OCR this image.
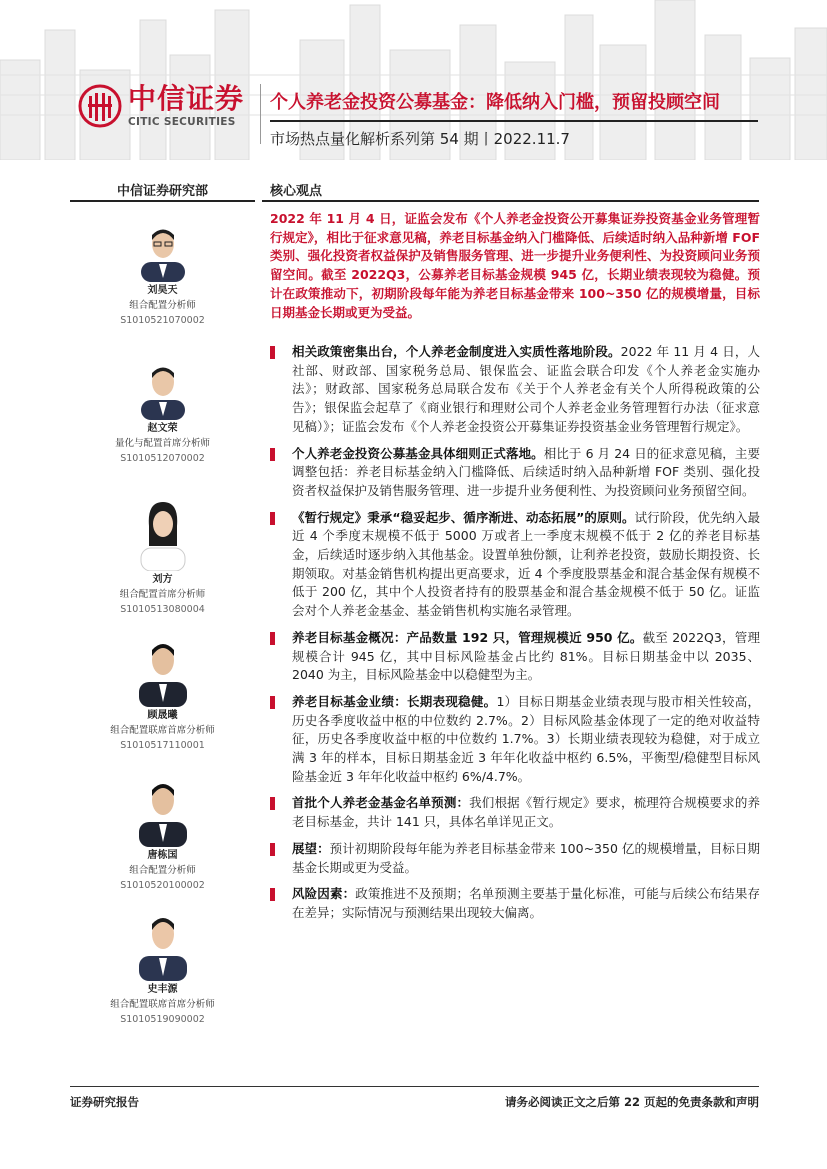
中信证券
CITIC SECURITIES
个人养老金投资公募基金：降低纳入门槛，预留投顾空间
市场热点量化解析系列第 54 期丨2022.11.7
中信证券研究部	核心观点
刘昊天
组合配置分析师
S1010521070002
赵文荣
量化与配置首席分析师
S1010512070002
刘方
组合配置首席分析师
S1010513080004
顾晟曦
组合配置联席首席分析师
S1010517110001
唐栋国
组合配置分析师
S1010520100002
史丰源
组合配置联席首席分析师
S1010519090002
2022 年 11 月 4 日，证监会发布《个人养老金投资公开募集证券投资基金业务管理暂行规定》，相比于征求意见稿，养老目标基金纳入门槛降低、后续适时纳入品种新增 FOF 类别、强化投资者权益保护及销售服务管理、进一步提升业务便利性、为投资顾问业务预留空间。截至 2022Q3，公募养老目标基金规模 945 亿，长期业绩表现较为稳健。预计在政策推动下，初期阶段每年能为养老目标基金带来 100~350 亿的规模增量，目标日期基金长期或更为受益。
相关政策密集出台，个人养老金制度进入实质性落地阶段。2022 年 11 月 4 日，人社部、财政部、国家税务总局、银保监会、证监会联合印发《个人养老金实施办法》；财政部、国家税务总局联合发布《关于个人养老金有关个人所得税政策的公告》；银保监会起草了《商业银行和理财公司个人养老金业务管理暂行办法（征求意见稿）》；证监会发布《个人养老金投资公开募集证券投资基金业务管理暂行规定》。
个人养老金投资公募基金具体细则正式落地。相比于 6 月 24 日的征求意见稿，主要调整包括：养老目标基金纳入门槛降低、后续适时纳入品种新增 FOF 类别、强化投资者权益保护及销售服务管理、进一步提升业务便利性、为投资顾问业务预留空间。
《暂行规定》秉承“稳妥起步、循序渐进、动态拓展”的原则。试行阶段，优先纳入最近 4 个季度末规模不低于 5000 万或者上一季度末规模不低于 2 亿的养老目标基金，后续适时逐步纳入其他基金。设置单独份额，让利养老投资，鼓励长期投资、长期领取。对基金销售机构提出更高要求，近 4 个季度股票基金和混合基金保有规模不低于 200 亿，其中个人投资者持有的股票基金和混合基金规模不低于 50 亿。证监会对个人养老金基金、基金销售机构实施名录管理。
养老目标基金概况：产品数量 192 只，管理规模近 950 亿。截至 2022Q3，管理规模合计 945 亿，其中目标风险基金占比约 81%。目标日期基金中以 2035、2040 为主，目标风险基金中以稳健型为主。
养老目标基金业绩：长期表现稳健。1）目标日期基金业绩表现与股市相关性较高，历史各季度收益中枢的中位数约 2.7%。2）目标风险基金体现了一定的绝对收益特征，历史各季度收益中枢的中位数约 1.7%。3）长期业绩表现较为稳健，对于成立满 3 年的样本，目标日期基金近 3 年年化收益中枢约 6.5%，平衡型/稳健型目标风险基金近 3 年年化收益中枢约 6%/4.7%。
首批个人养老金基金名单预测：我们根据《暂行规定》要求，梳理符合规模要求的养老目标基金，共计 141 只，具体名单详见正文。
展望：预计初期阶段每年能为养老目标基金带来 100~350 亿的规模增量，目标日期基金长期或更为受益。
风险因素：政策推进不及预期；名单预测主要基于量化标准，可能与后续公布结果存在差异；实际情况与预测结果出现较大偏离。
证券研究报告	请务必阅读正文之后第 22 页起的免责条款和声明
